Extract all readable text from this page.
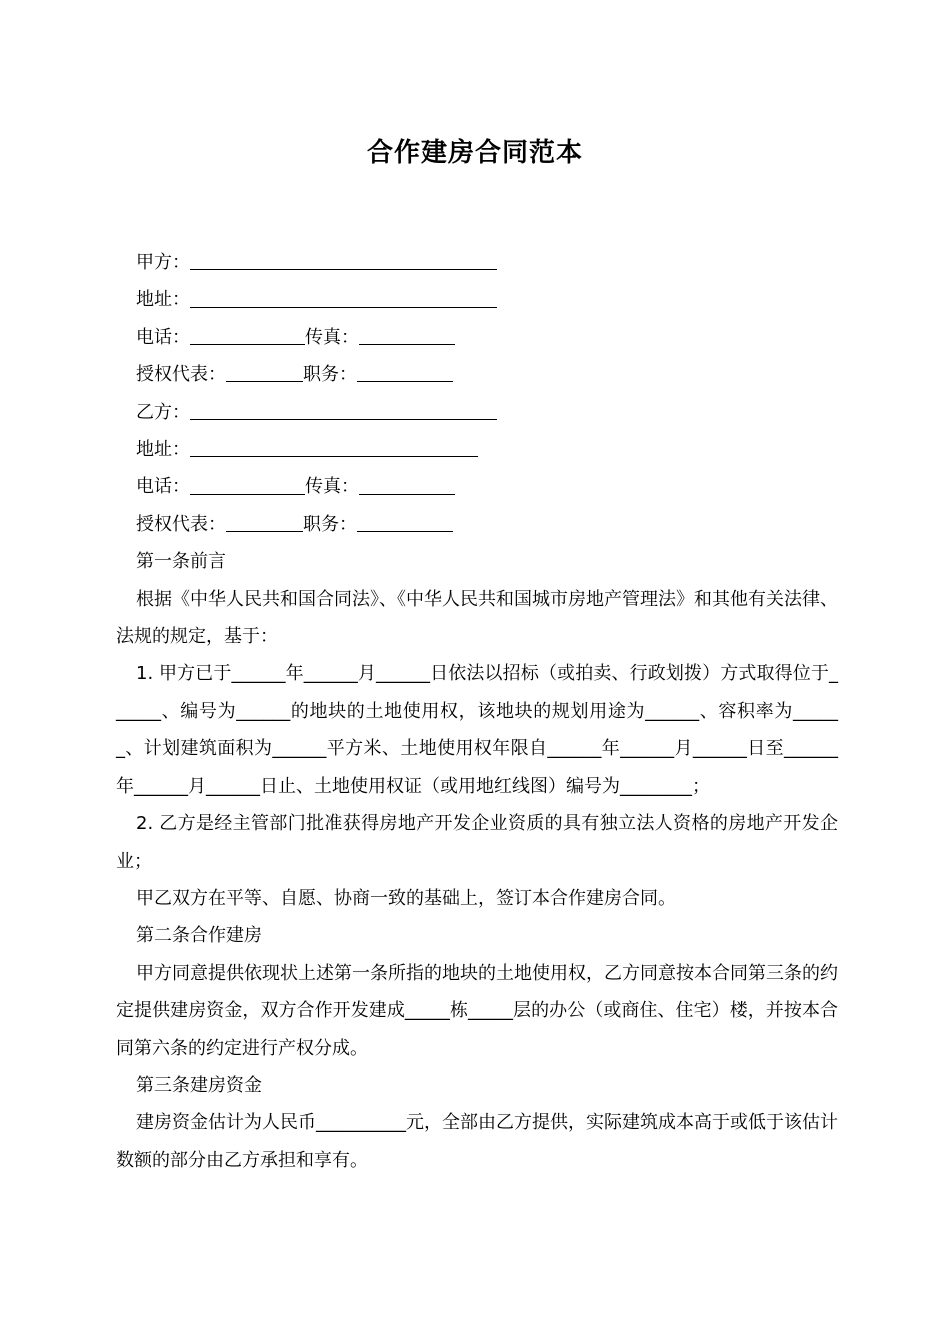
合作建房合同范本
甲方：
地址：
电话：	传真：
授权代表：	职务：
乙方：
地址：
电话：	传真：
授权代表：	职务：
第一条前言

根据《中华人民共和国合同法》、《中华人民共和国城市房地产管理法》和其他有关法律、法规的规定，基于：

1. 甲方已于______年______月______日依法以招标（或拍卖、行政划拨）方式取得位于______、编号为______的地块的土地使用权，该地块的规划用途为______、容积率为______、计划建筑面积为______平方米、土地使用权年限自______年______月______日至______年______月______日止、土地使用权证（或用地红线图）编号为________；

2. 乙方是经主管部门批准获得房地产开发企业资质的具有独立法人资格的房地产开发企业；

甲乙双方在平等、自愿、协商一致的基础上，签订本合作建房合同。

第二条合作建房

甲方同意提供依现状上述第一条所指的地块的土地使用权，乙方同意按本合同第三条的约定提供建房资金，双方合作开发建成_____栋_____层的办公（或商住、住宅）楼，并按本合同第六条的约定进行产权分成。

第三条建房资金

建房资金估计为人民币__________元，全部由乙方提供，实际建筑成本高于或低于该估计数额的部分由乙方承担和享有。
